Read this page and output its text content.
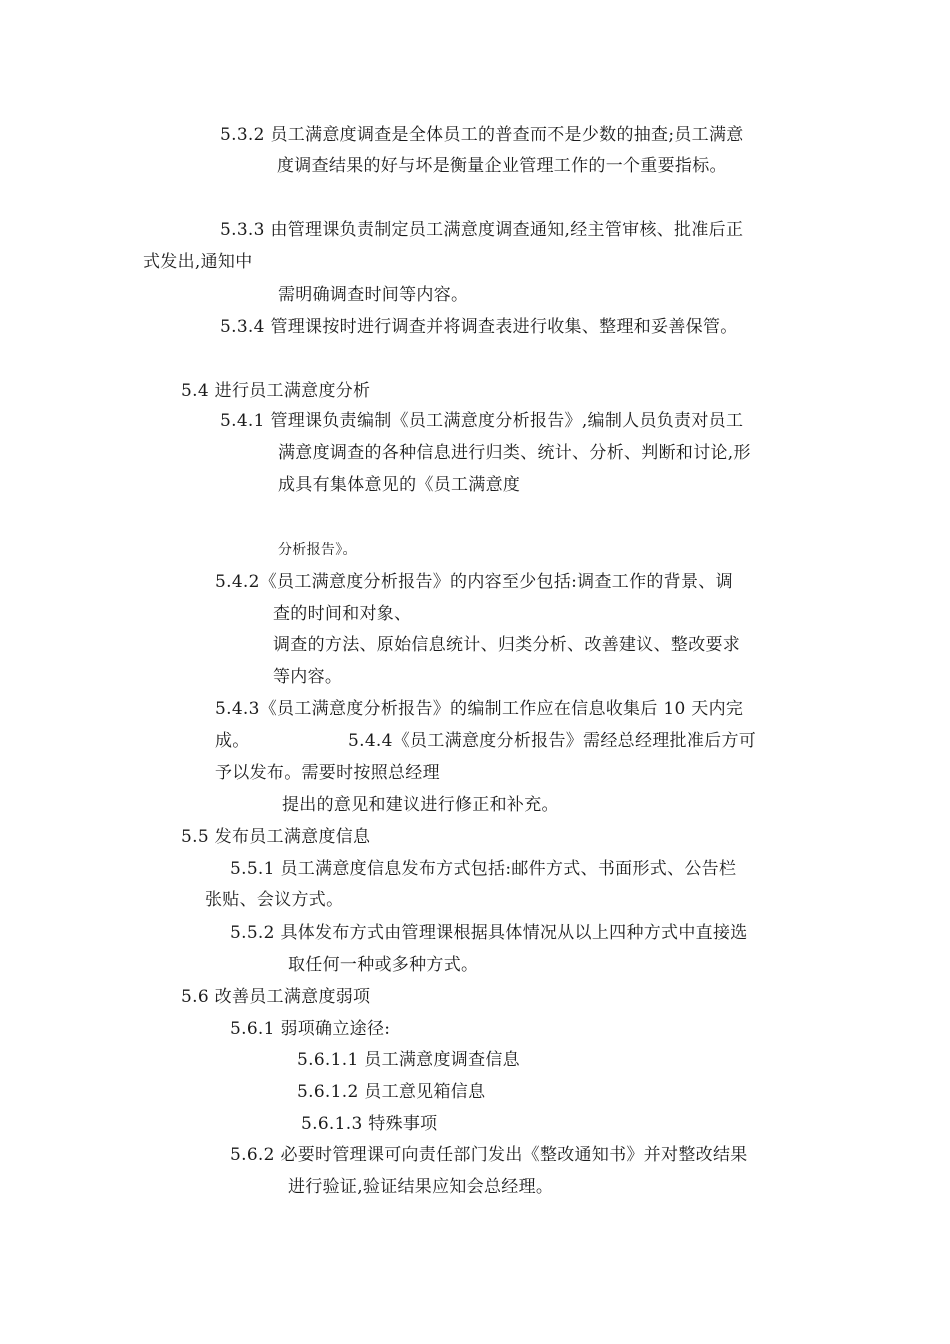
5.3.2 员工满意度调查是全体员工的普查而不是少数的抽查;员工满意
度调查结果的好与坏是衡量企业管理工作的一个重要指标。
5.3.3 由管理课负责制定员工满意度调查通知,经主管审核、批准后正
式发出,通知中
需明确调查时间等内容。
5.3.4 管理课按时进行调查并将调查表进行收集、整理和妥善保管。
5.4 进行员工满意度分析
5.4.1 管理课负责编制《员工满意度分析报告》,编制人员负责对员工
满意度调查的各种信息进行归类、统计、分析、判断和讨论,形
成具有集体意见的《员工满意度
分析报告》。
5.4.2《员工满意度分析报告》的内容至少包括:调查工作的背景、调
查的时间和对象、
调查的方法、原始信息统计、归类分析、改善建议、整改要求
等内容。
5.4.3《员工满意度分析报告》的编制工作应在信息收集后 10 天内完
成。	5.4.4《员工满意度分析报告》需经总经理批准后方可
予以发布。需要时按照总经理
提出的意见和建议进行修正和补充。
5.5 发布员工满意度信息
5.5.1 员工满意度信息发布方式包括:邮件方式、书面形式、公告栏
张贴、会议方式。
5.5.2 具体发布方式由管理课根据具体情况从以上四种方式中直接选
取任何一种或多种方式。
5.6 改善员工满意度弱项
5.6.1 弱项确立途径:
5.6.1.1 员工满意度调查信息
5.6.1.2 员工意见箱信息
5.6.1.3 特殊事项
5.6.2 必要时管理课可向责任部门发出《整改通知书》并对整改结果
进行验证,验证结果应知会总经理。
